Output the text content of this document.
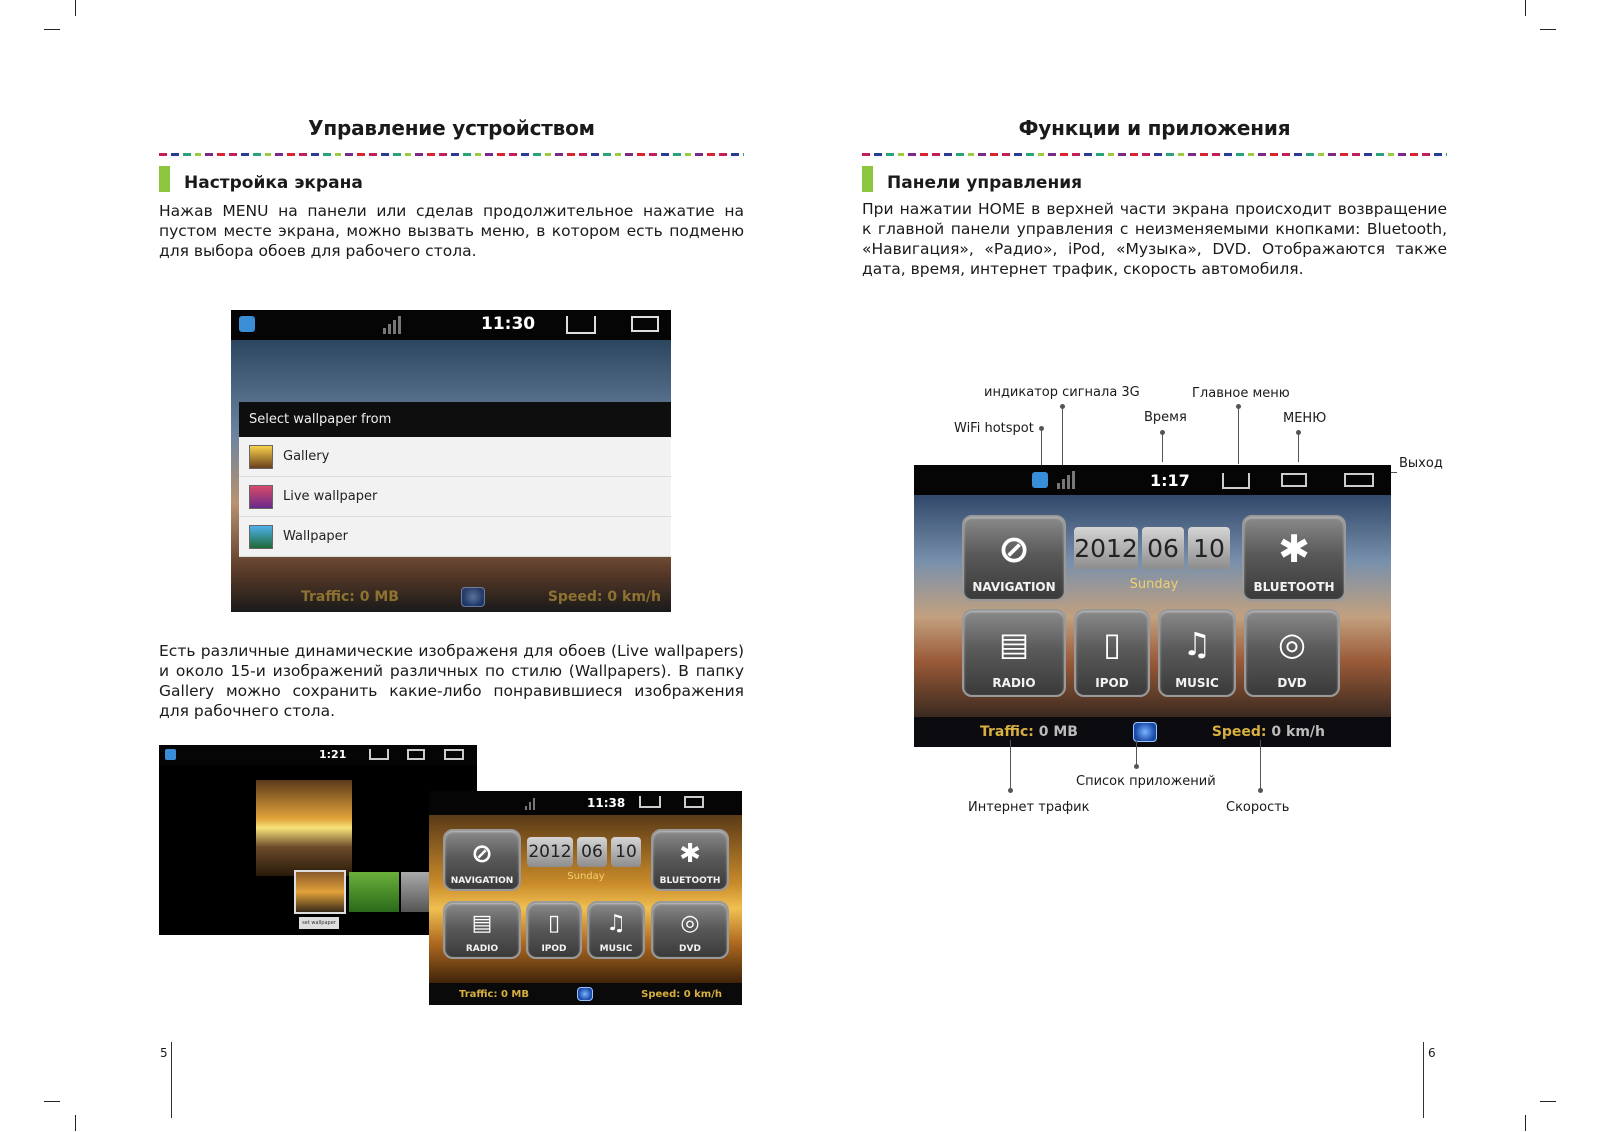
Управление устройством
Настройка экрана
Нажав MENU на панели или сделав продолжительное нажатие на пустом месте экрана, можно вызвать меню, в котором есть подменю для выбора обоев для рабочего стола.
11:30
Select wallpaper from
Gallery
Live wallpaper
Wallpaper
Traffic: 0 MB	Speed: 0 km/h
Есть различные динамические изображеня для обоев (Live wallpapers) и около 15-и изображений различных по стилю (Wallpapers). В папку Gallery можно сохранить какие-либо понравившиеся изображения для рабочнего стола.
1:21
set wallpaper
11:38
⊘
NAVIGATION
2012 06 10
Sunday
✱
BLUETOOTH
▤
RADIO
▯
IPOD
♫
MUSIC
◎
DVD
Traffic: 0 MB	Speed: 0 km/h
5
Функции и приложения
Панели управления
При нажатии HOME в верхней части экрана происходит возвращение к главной панели управления с неизменяемыми кнопками: Bluetooth, «Навигация», «Радио», iPod, «Музыка», DVD. Отображаются также дата, время, интернет трафик, скорость автомобиля.
индикатор сигнала 3G	Главное меню
Время	МЕНЮ
WiFi hotspot
Выход
1:17
⊘
NAVIGATION
2012 06 10
Sunday
✱
BLUETOOTH
▤
RADIO
▯
IPOD
♫
MUSIC
◎
DVD
Traffic: 0 MB	Speed: 0 km/h
Список приложений
Интернет трафик	Скорость
6
